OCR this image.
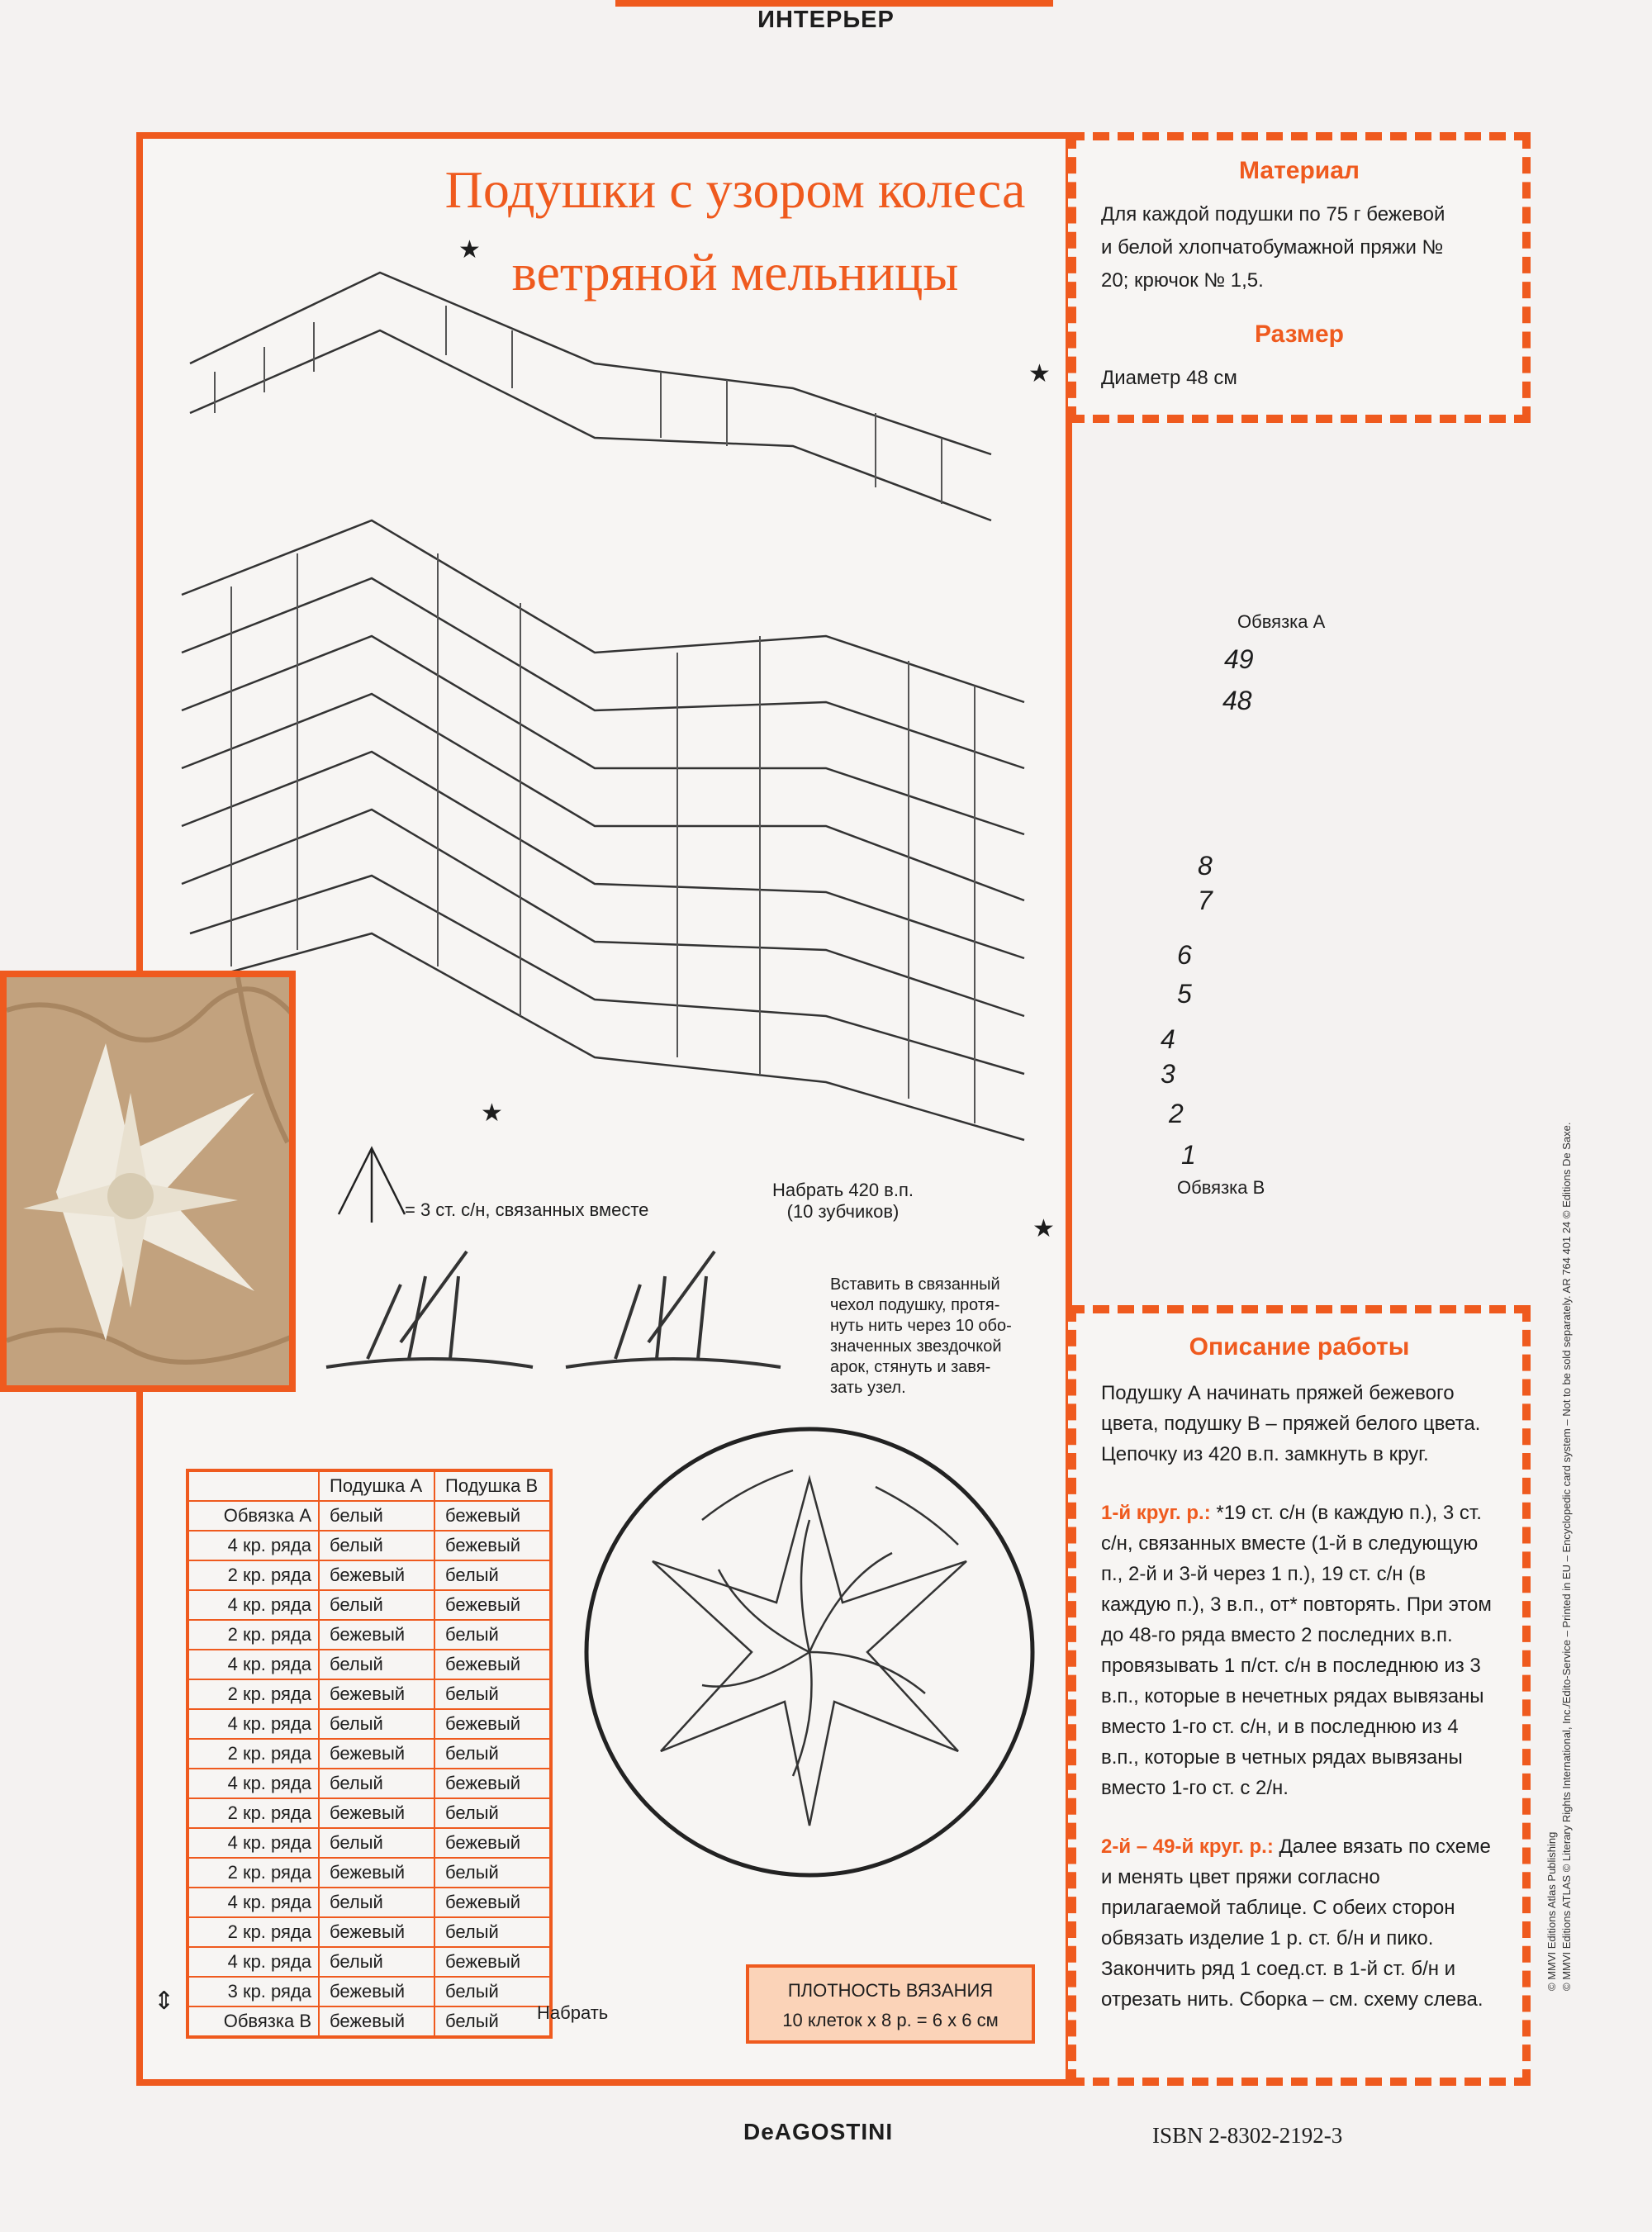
ИНТЕРЬЕР
Подушки с узором колеса
ветряной мельницы
★
★
★
★
Обвязка А
49
48
8
7
6
5
4
3
2
1
Обвязка В
Набрать 420 в.п.
(10 зубчиков)
= 3 ст. с/н, связанных вместе
Вставить в связанный
чехол подушку, протя-
нуть нить через 10 обо-
значенных звездочкой
арок, стянуть и завя-
зать узел.
	Подушка А	Подушка В
Обвязка А	белый	бежевый
4 кр. ряда	белый	бежевый
2 кр. ряда	бежевый	белый
4 кр. ряда	белый	бежевый
2 кр. ряда	бежевый	белый
4 кр. ряда	белый	бежевый
2 кр. ряда	бежевый	белый
4 кр. ряда	белый	бежевый
2 кр. ряда	бежевый	белый
4 кр. ряда	белый	бежевый
2 кр. ряда	бежевый	белый
4 кр. ряда	белый	бежевый
2 кр. ряда	бежевый	белый
4 кр. ряда	белый	бежевый
2 кр. ряда	бежевый	белый
4 кр. ряда	белый	бежевый
3 кр. ряда	бежевый	белый
Обвязка В	бежевый	белый
⇕	Набрать
ПЛОТНОСТЬ ВЯЗАНИЯ
10 клеток х 8 р. = 6 х 6 см
Материал
Для каждой подушки по 75 г бежевой
и белой хлопчатобумажной пряжи №
20; крючок № 1,5.
Размер
Диаметр 48 см
Описание работы

Подушку А начинать пряжей бежевого цвета, подушку В – пряжей белого цвета. Цепочку из 420 в.п. замкнуть в круг.

1-й круг. р.: *19 ст. с/н (в каждую п.), 3 ст. с/н, связанных вместе (1-й в следующую п., 2-й и 3-й через 1 п.), 19 ст. с/н (в каждую п.), 3 в.п., от* повторять. При этом до 48-го ряда вместо 2 последних в.п. провязывать 1 п/ст. с/н в последнюю из 3 в.п., которые в нечетных рядах вывязаны вместо 1-го ст. с/н, и в последнюю из 4 в.п., которые в четных рядах вывязаны вместо 1-го ст. с 2/н.

2-й – 49-й круг. р.: Далее вязать по схеме и менять цвет пряжи согласно прилагаемой таблице. С обеих сторон обвязать изделие 1 р. ст. б/н и пико. Закончить ряд 1 соед.ст. в 1-й ст. б/н и отрезать нить. Сборка – см. схему слева.

DeAGOSTINI	ISBN 2-8302-2192-3
© MMVI Editions Atlas Publishing © MMVI Editions ATLAS © Literary Rights International, Inc./Edito-Service – Printed in EU – Encyclopedic card system – Not to be sold separately. AR 764 401 24 © Editions De Saxe.
